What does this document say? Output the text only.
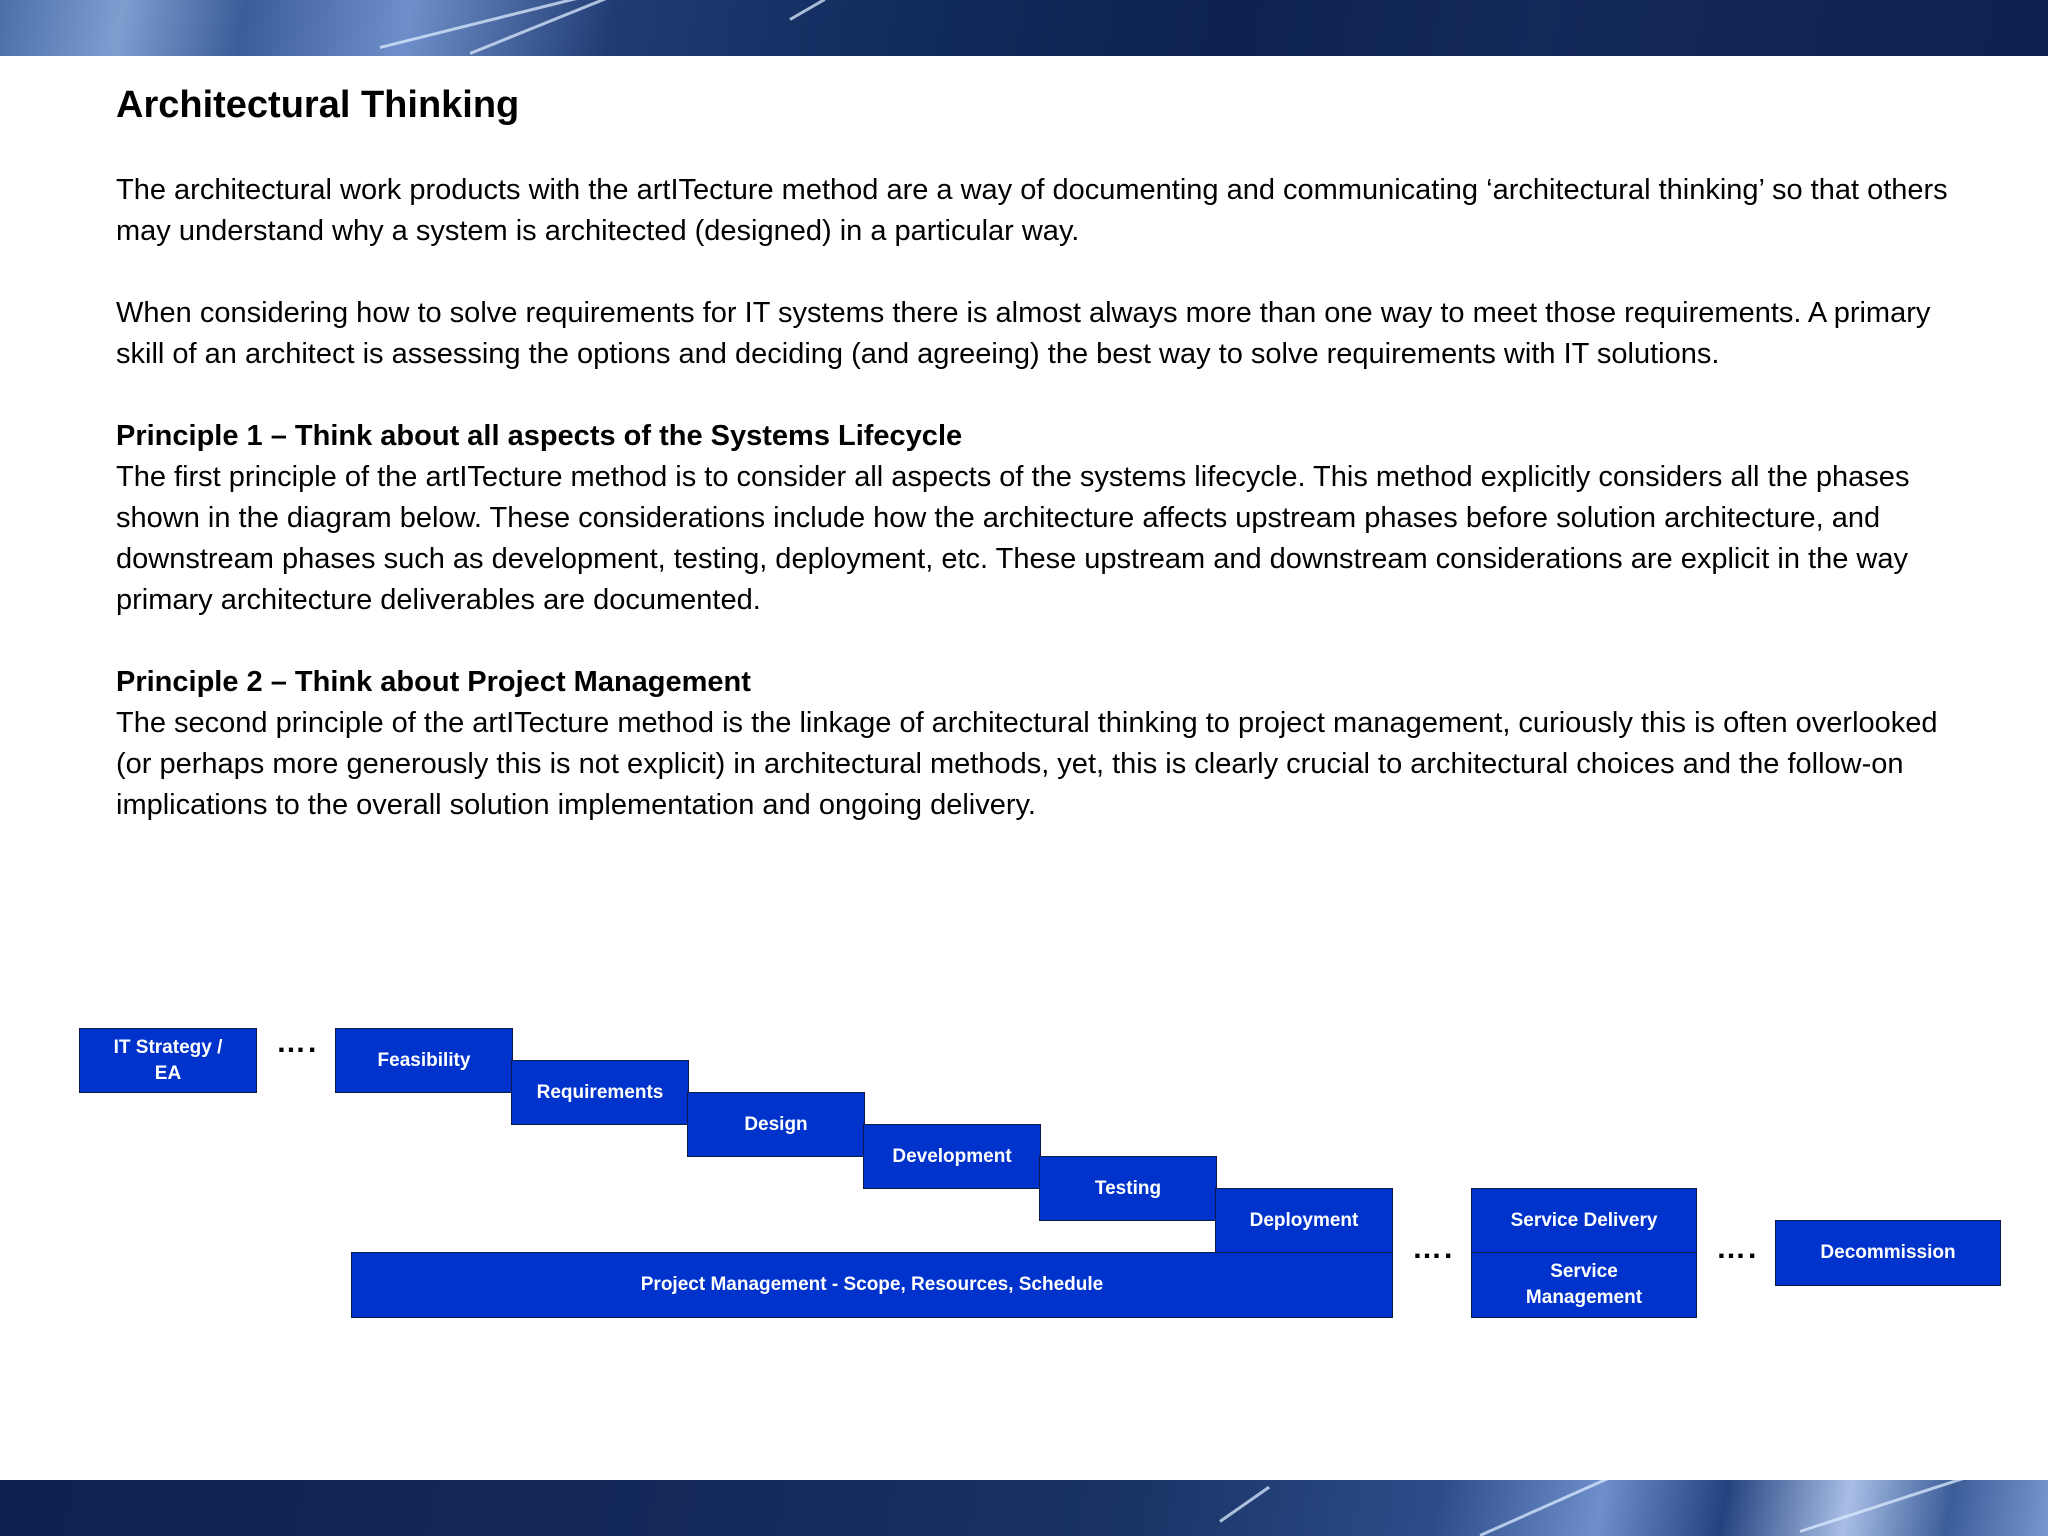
Architectural Thinking

The architectural work products with the artITecture method are a way of documenting and communicating ‘architectural thinking’ so that others may understand why a system is architected (designed) in a particular way.

When considering how to solve requirements for IT systems there is almost always more than one way to meet those requirements. A primary skill of an architect is assessing the options and deciding (and agreeing) the best way to solve requirements with IT solutions.

Principle 1 – Think about all aspects of the Systems Lifecycle

The first principle of the artITecture method is to consider all aspects of the systems lifecycle. This method explicitly considers all the phases shown in the diagram below. These considerations include how the architecture affects upstream phases before solution architecture, and downstream phases such as development, testing, deployment, etc. These upstream and downstream considerations are explicit in the way primary architecture deliverables are documented.

Principle 2 – Think about Project Management

The second principle of the artITecture method is the linkage of architectural thinking to project management, curiously this is often overlooked (or perhaps more generously this is not explicit) in architectural methods, yet, this is clearly crucial to architectural choices and the follow-on implications to the overall solution implementation and ongoing delivery.

IT Strategy / EA
….
Feasibility
Requirements
Design
Development
Testing
Deployment
Project Management - Scope, Resources, Schedule
….
Service Delivery
Service Management
….	Decommission
